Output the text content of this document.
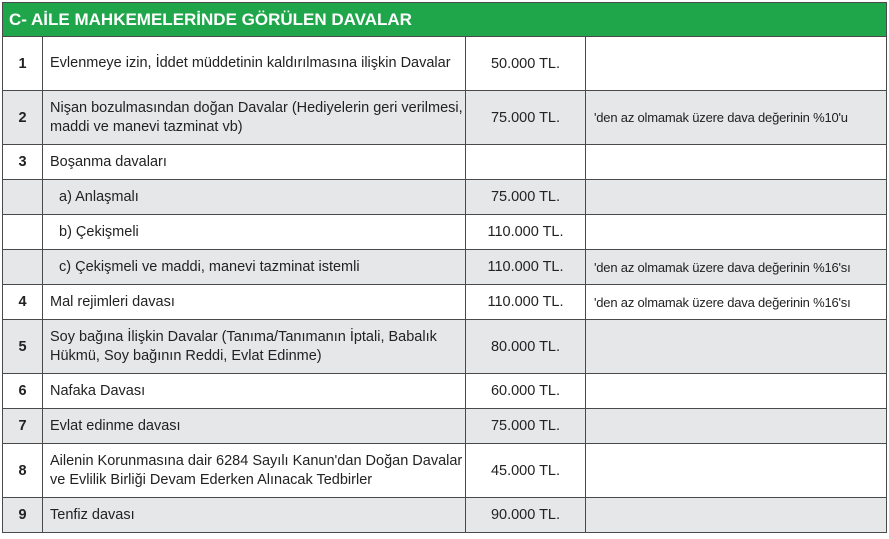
C- AİLE MAHKEMELERİNDE GÖRÜLEN DAVALAR
1	Evlenmeye izin, İddet müddetinin kaldırılmasına ilişkin Davalar	50.000 TL.	
2	Nişan bozulmasından doğan Davalar (Hediyelerin geri verilmesi, maddi ve manevi tazminat vb)	75.000 TL.	'den az olmamak üzere dava değerinin %10'u
3	Boşanma davaları		
	a) Anlaşmalı	75.000 TL.	
	b) Çekişmeli	110.000 TL.	
	c) Çekişmeli ve maddi, manevi tazminat istemli	110.000 TL.	'den az olmamak üzere dava değerinin %16'sı
4	Mal rejimleri davası	110.000 TL.	'den az olmamak üzere dava değerinin %16'sı
5	Soy bağına İlişkin Davalar (Tanıma/Tanımanın İptali, Babalık Hükmü, Soy bağının Reddi, Evlat Edinme)	80.000 TL.	
6	Nafaka Davası	60.000 TL.	
7	Evlat edinme davası	75.000 TL.	
8	Ailenin Korunmasına dair 6284 Sayılı Kanun'dan Doğan Davalar ve Evlilik Birliği Devam Ederken Alınacak Tedbirler	45.000 TL.	
9	Tenfiz davası	90.000 TL.	
